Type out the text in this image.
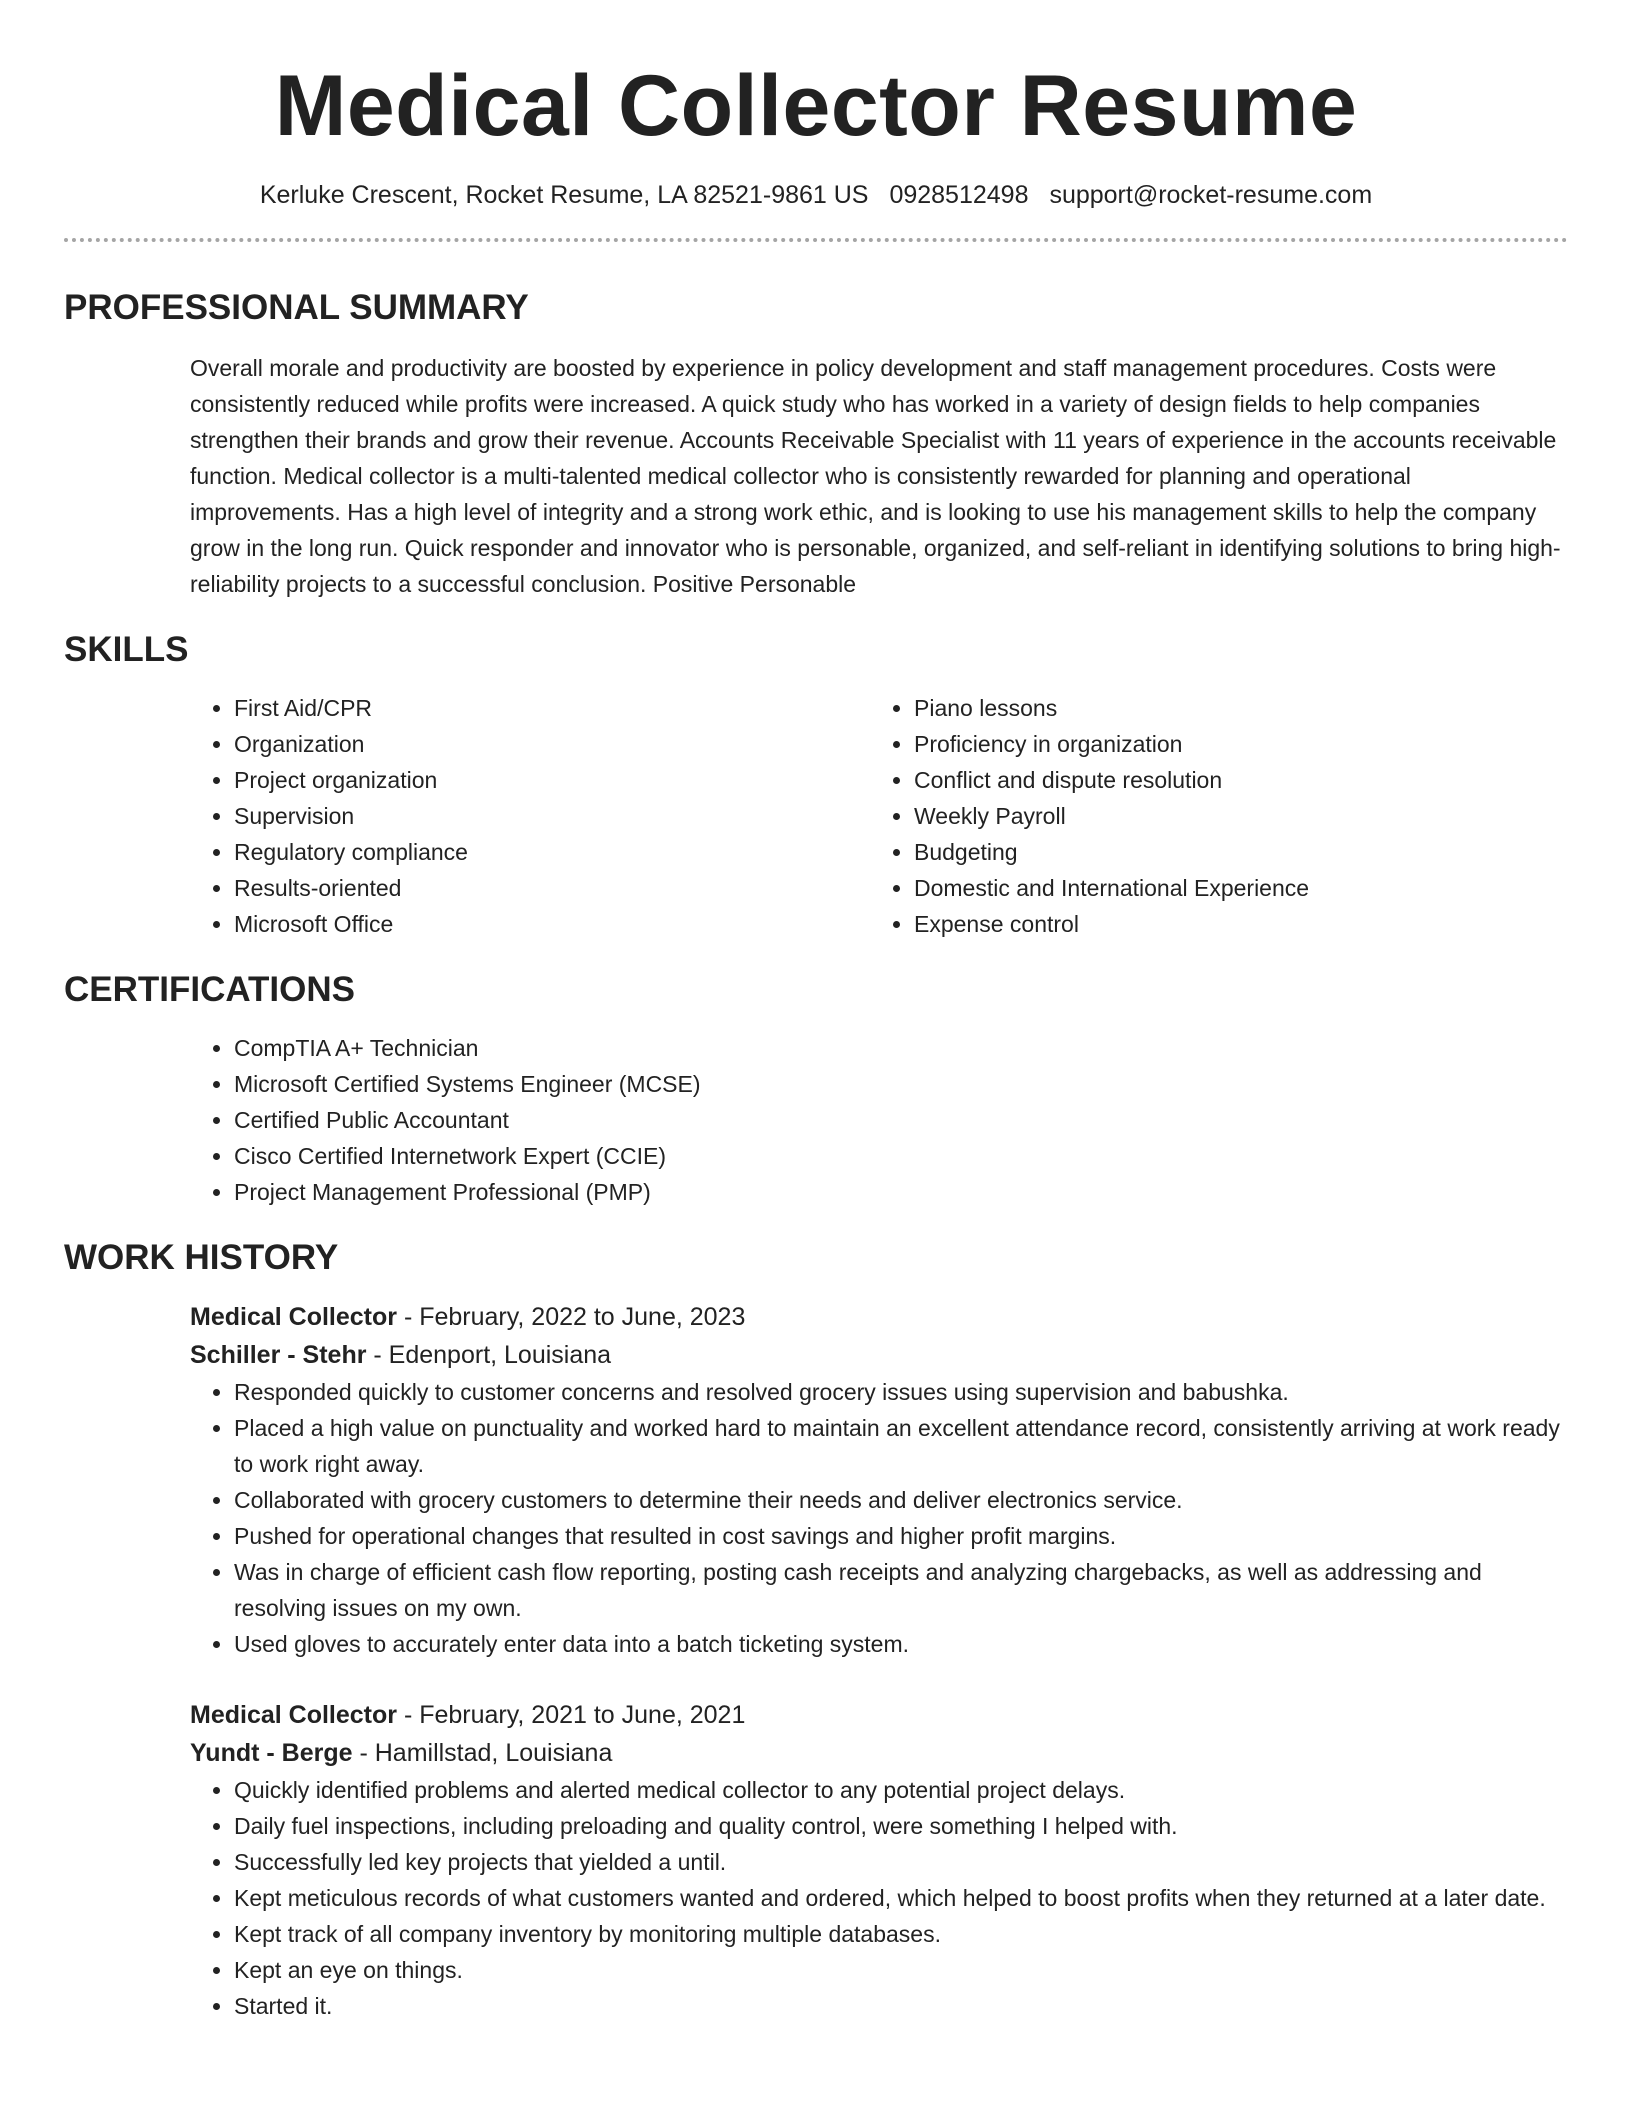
Medical Collector Resume
Kerluke Crescent, Rocket Resume, LA 82521-9861 US 0928512498 support@rocket-resume.com
PROFESSIONAL SUMMARY

Overall morale and productivity are boosted by experience in policy development and staff management procedures. Costs were consistently reduced while profits were increased. A quick study who has worked in a variety of design fields to help companies strengthen their brands and grow their revenue. Accounts Receivable Specialist with 11 years of experience in the accounts receivable function. Medical collector is a multi-talented medical collector who is consistently rewarded for planning and operational improvements. Has a high level of integrity and a strong work ethic, and is looking to use his management skills to help the company grow in the long run. Quick responder and innovator who is personable, organized, and self-reliant in identifying solutions to bring high-reliability projects to a successful conclusion. Positive Personable

SKILLS
• First Aid/CPR
• Organization
• Project organization
• Supervision
• Regulatory compliance
• Results-oriented
• Microsoft Office
• Piano lessons
• Proficiency in organization
• Conflict and dispute resolution
• Weekly Payroll
• Budgeting
• Domestic and International Experience
• Expense control
CERTIFICATIONS
• CompTIA A+ Technician
• Microsoft Certified Systems Engineer (MCSE)
• Certified Public Accountant
• Cisco Certified Internetwork Expert (CCIE)
• Project Management Professional (PMP)
WORK HISTORY
Medical Collector - February, 2022 to June, 2023
Schiller - Stehr - Edenport, Louisiana
• Responded quickly to customer concerns and resolved grocery issues using supervision and babushka.
• Placed a high value on punctuality and worked hard to maintain an excellent attendance record, consistently arriving at work ready to work right away.
• Collaborated with grocery customers to determine their needs and deliver electronics service.
• Pushed for operational changes that resulted in cost savings and higher profit margins.
• Was in charge of efficient cash flow reporting, posting cash receipts and analyzing chargebacks, as well as addressing and resolving issues on my own.
• Used gloves to accurately enter data into a batch ticketing system.
Medical Collector - February, 2021 to June, 2021
Yundt - Berge - Hamillstad, Louisiana
• Quickly identified problems and alerted medical collector to any potential project delays.
• Daily fuel inspections, including preloading and quality control, were something I helped with.
• Successfully led key projects that yielded a until.
• Kept meticulous records of what customers wanted and ordered, which helped to boost profits when they returned at a later date.
• Kept track of all company inventory by monitoring multiple databases.
• Kept an eye on things.
• Started it.
